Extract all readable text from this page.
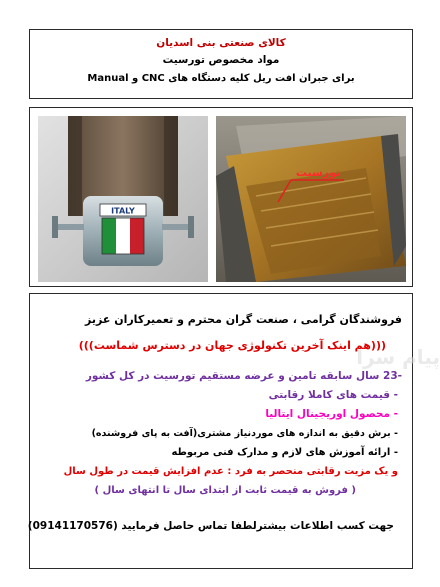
کالای صنعتی بنی اسدیان
مواد مخصوص تورسیت
برای جبران افت ریل کلیه دستگاه های CNC و Manual
ITALY
تورسیت
فروشندگان گرامی ، صنعت گران محترم و تعمیرکاران عزیز
(((هم اینک آخرین تکنولوژی جهان در دسترس شماست)))
-23 سال سابقه تامین و عرضه مستقیم تورسیت در کل کشور
- قیمت های کاملا رقابتی
- محصول اوریجینال ایتالیا
- برش دقیق به اندازه های موردنیاز مشتری(آفت به پای فروشنده)
- ارائه آموزش های لازم و مدارک فنی مربوطه
و یک مزیت رقابتی منحصر به فرد : عدم افزایش قیمت در طول سال
( فروش به قیمت ثابت از ابتدای سال تا انتهای سال )
جهت کسب اطلاعات بیشترلطفا تماس حاصل فرمایید (09141170576)
پیام سرا
